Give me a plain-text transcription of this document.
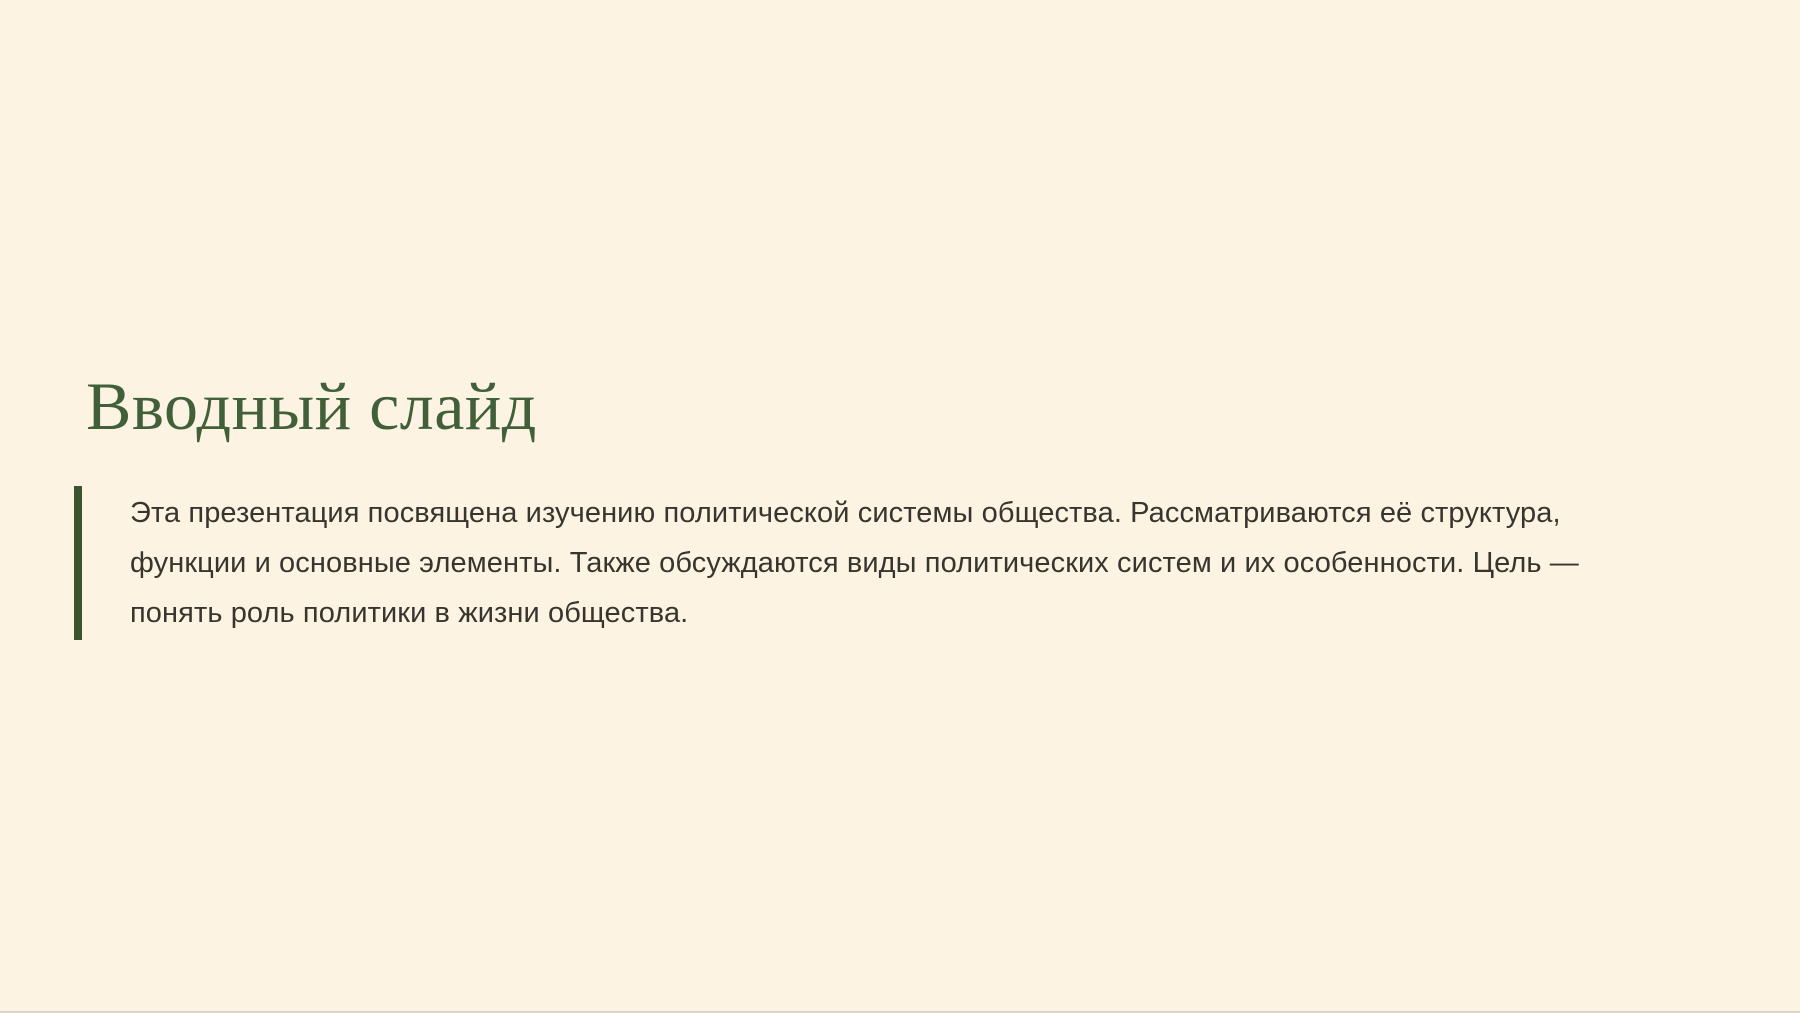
Вводный слайд

Эта презентация посвящена изучению политической системы общества. Рассматриваются её структура, функции и основные элементы. Также обсуждаются виды политических систем и их особенности. Цель — понять роль политики в жизни общества.
